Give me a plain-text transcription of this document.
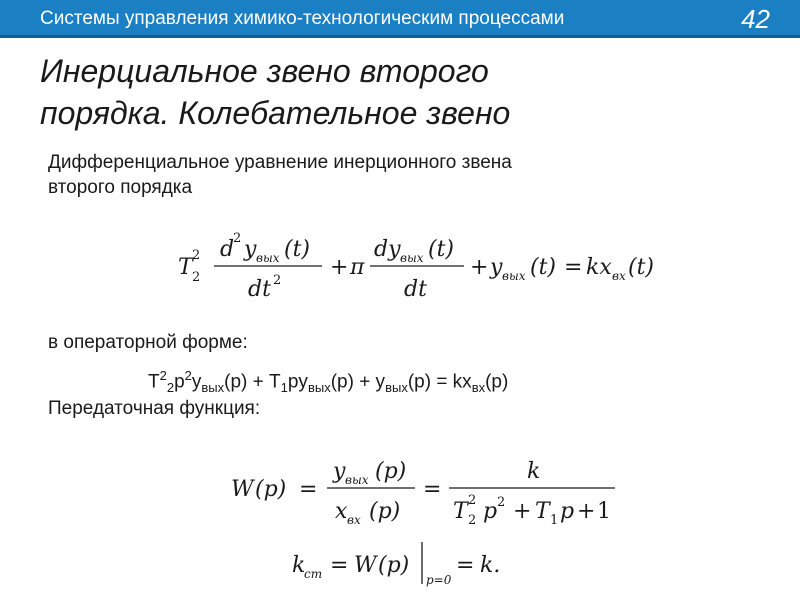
Системы управления химико-технологическим процессами	42
Инерциальное звено второго
порядка. Колебательное звено
Дифференциальное уравнение инерционного звена
второго порядка
T 2
2 d
2 y вых (t)
dt 2
+ π
dy вых (t)
dt
+ y вых (t) = kx вх (t)
в операторной форме:
$T^2_2p^2y_{вых}(p) + T_1py_{вых}(p) + y_{вых}(p) = kx_{вх}(p)$
Передаточная функция:
W (p) =
y вых (p)
x вх (p)
=
k
T 2
2 p 2 + T 1 p + 1
k
ст = W (p)
p=0
= k.
